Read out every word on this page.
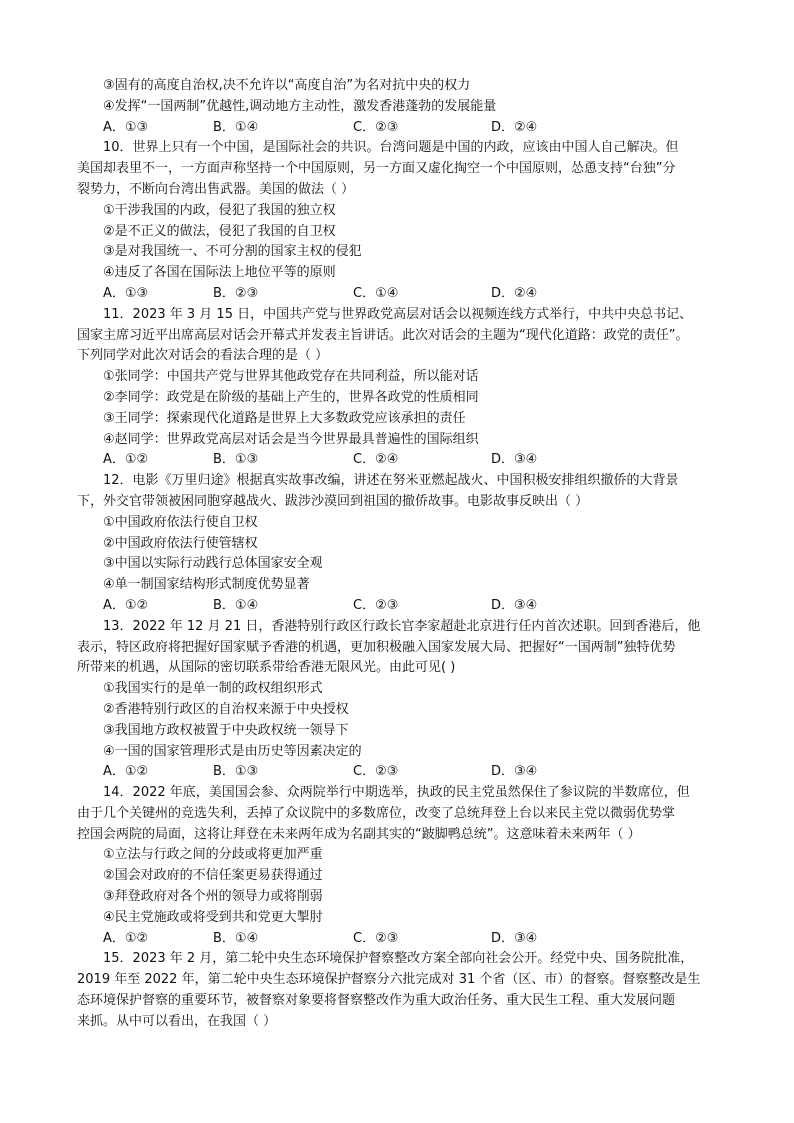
③固有的高度自治权,决不允许以“高度自治”为名对抗中央的权力
④发挥“一国两制”优越性,调动地方主动性，激发香港蓬勃的发展能量
A．①③	B．①④	C．②③	D．②④
10．世界上只有一个中国，是国际社会的共识。台湾问题是中国的内政，应该由中国人自己解决。但
美国却表里不一，一方面声称坚持一个中国原则，另一方面又虚化掏空一个中国原则，怂恿支持“台独”分
裂势力，不断向台湾出售武器。美国的做法（ ）
①干涉我国的内政，侵犯了我国的独立权
②是不正义的做法，侵犯了我国的自卫权
③是对我国统一、不可分割的国家主权的侵犯
④违反了各国在国际法上地位平等的原则
A．①③	B．②③	C．①④	D．②④
11．2023 年 3 月 15 日，中国共产党与世界政党高层对话会以视频连线方式举行，中共中央总书记、
国家主席习近平出席高层对话会开幕式并发表主旨讲话。此次对话会的主题为“现代化道路：政党的责任”。
下列同学对此次对话会的看法合理的是（ ）
①张同学：中国共产党与世界其他政党存在共同利益，所以能对话
②李同学：政党是在阶级的基础上产生的，世界各政党的性质相同
③王同学：探索现代化道路是世界上大多数政党应该承担的责任
④赵同学：世界政党高层对话会是当今世界最具普遍性的国际组织
A．①②	B．①③	C．②④	D．③④
12．电影《万里归途》根据真实故事改编，讲述在努米亚燃起战火、中国积极安排组织撤侨的大背景
下，外交官带领被困同胞穿越战火、跋涉沙漠回到祖国的撤侨故事。电影故事反映出（ ）
①中国政府依法行使自卫权
②中国政府依法行使管辖权
③中国以实际行动践行总体国家安全观
④单一制国家结构形式制度优势显著
A．①②	B．①④	C．②③	D．③④
13．2022 年 12 月 21 日，香港特别行政区行政长官李家超赴北京进行任内首次述职。回到香港后，他
表示，特区政府将把握好国家赋予香港的机遇，更加积极融入国家发展大局、把握好“一国两制”独特优势
所带来的机遇，从国际的密切联系带给香港无限风光。由此可见( )
①我国实行的是单一制的政权组织形式
②香港特别行政区的自治权来源于中央授权
③我国地方政权被置于中央政权统一领导下
④一国的国家管理形式是由历史等因素决定的
A．①②	B．①③	C．②③	D．③④
14．2022 年底，美国国会参、众两院举行中期选举，执政的民主党虽然保住了参议院的半数席位，但
由于几个关键州的竞选失利，丢掉了众议院中的多数席位，改变了总统拜登上台以来民主党以微弱优势掌
控国会两院的局面，这将让拜登在未来两年成为名副其实的“跛脚鸭总统”。这意味着未来两年（ ）
①立法与行政之间的分歧或将更加严重
②国会对政府的不信任案更易获得通过
③拜登政府对各个州的领导力或将削弱
④民主党施政或将受到共和党更大掣肘
A．①②	B．①④	C．②③	D．③④
15．2023 年 2 月，第二轮中央生态环境保护督察整改方案全部向社会公开。经党中央、国务院批准，
2019 年至 2022 年，第二轮中央生态环境保护督察分六批完成对 31 个省（区、市）的督察。督察整改是生
态环境保护督察的重要环节，被督察对象要将督察整改作为重大政治任务、重大民生工程、重大发展问题
来抓。从中可以看出，在我国（ ）
